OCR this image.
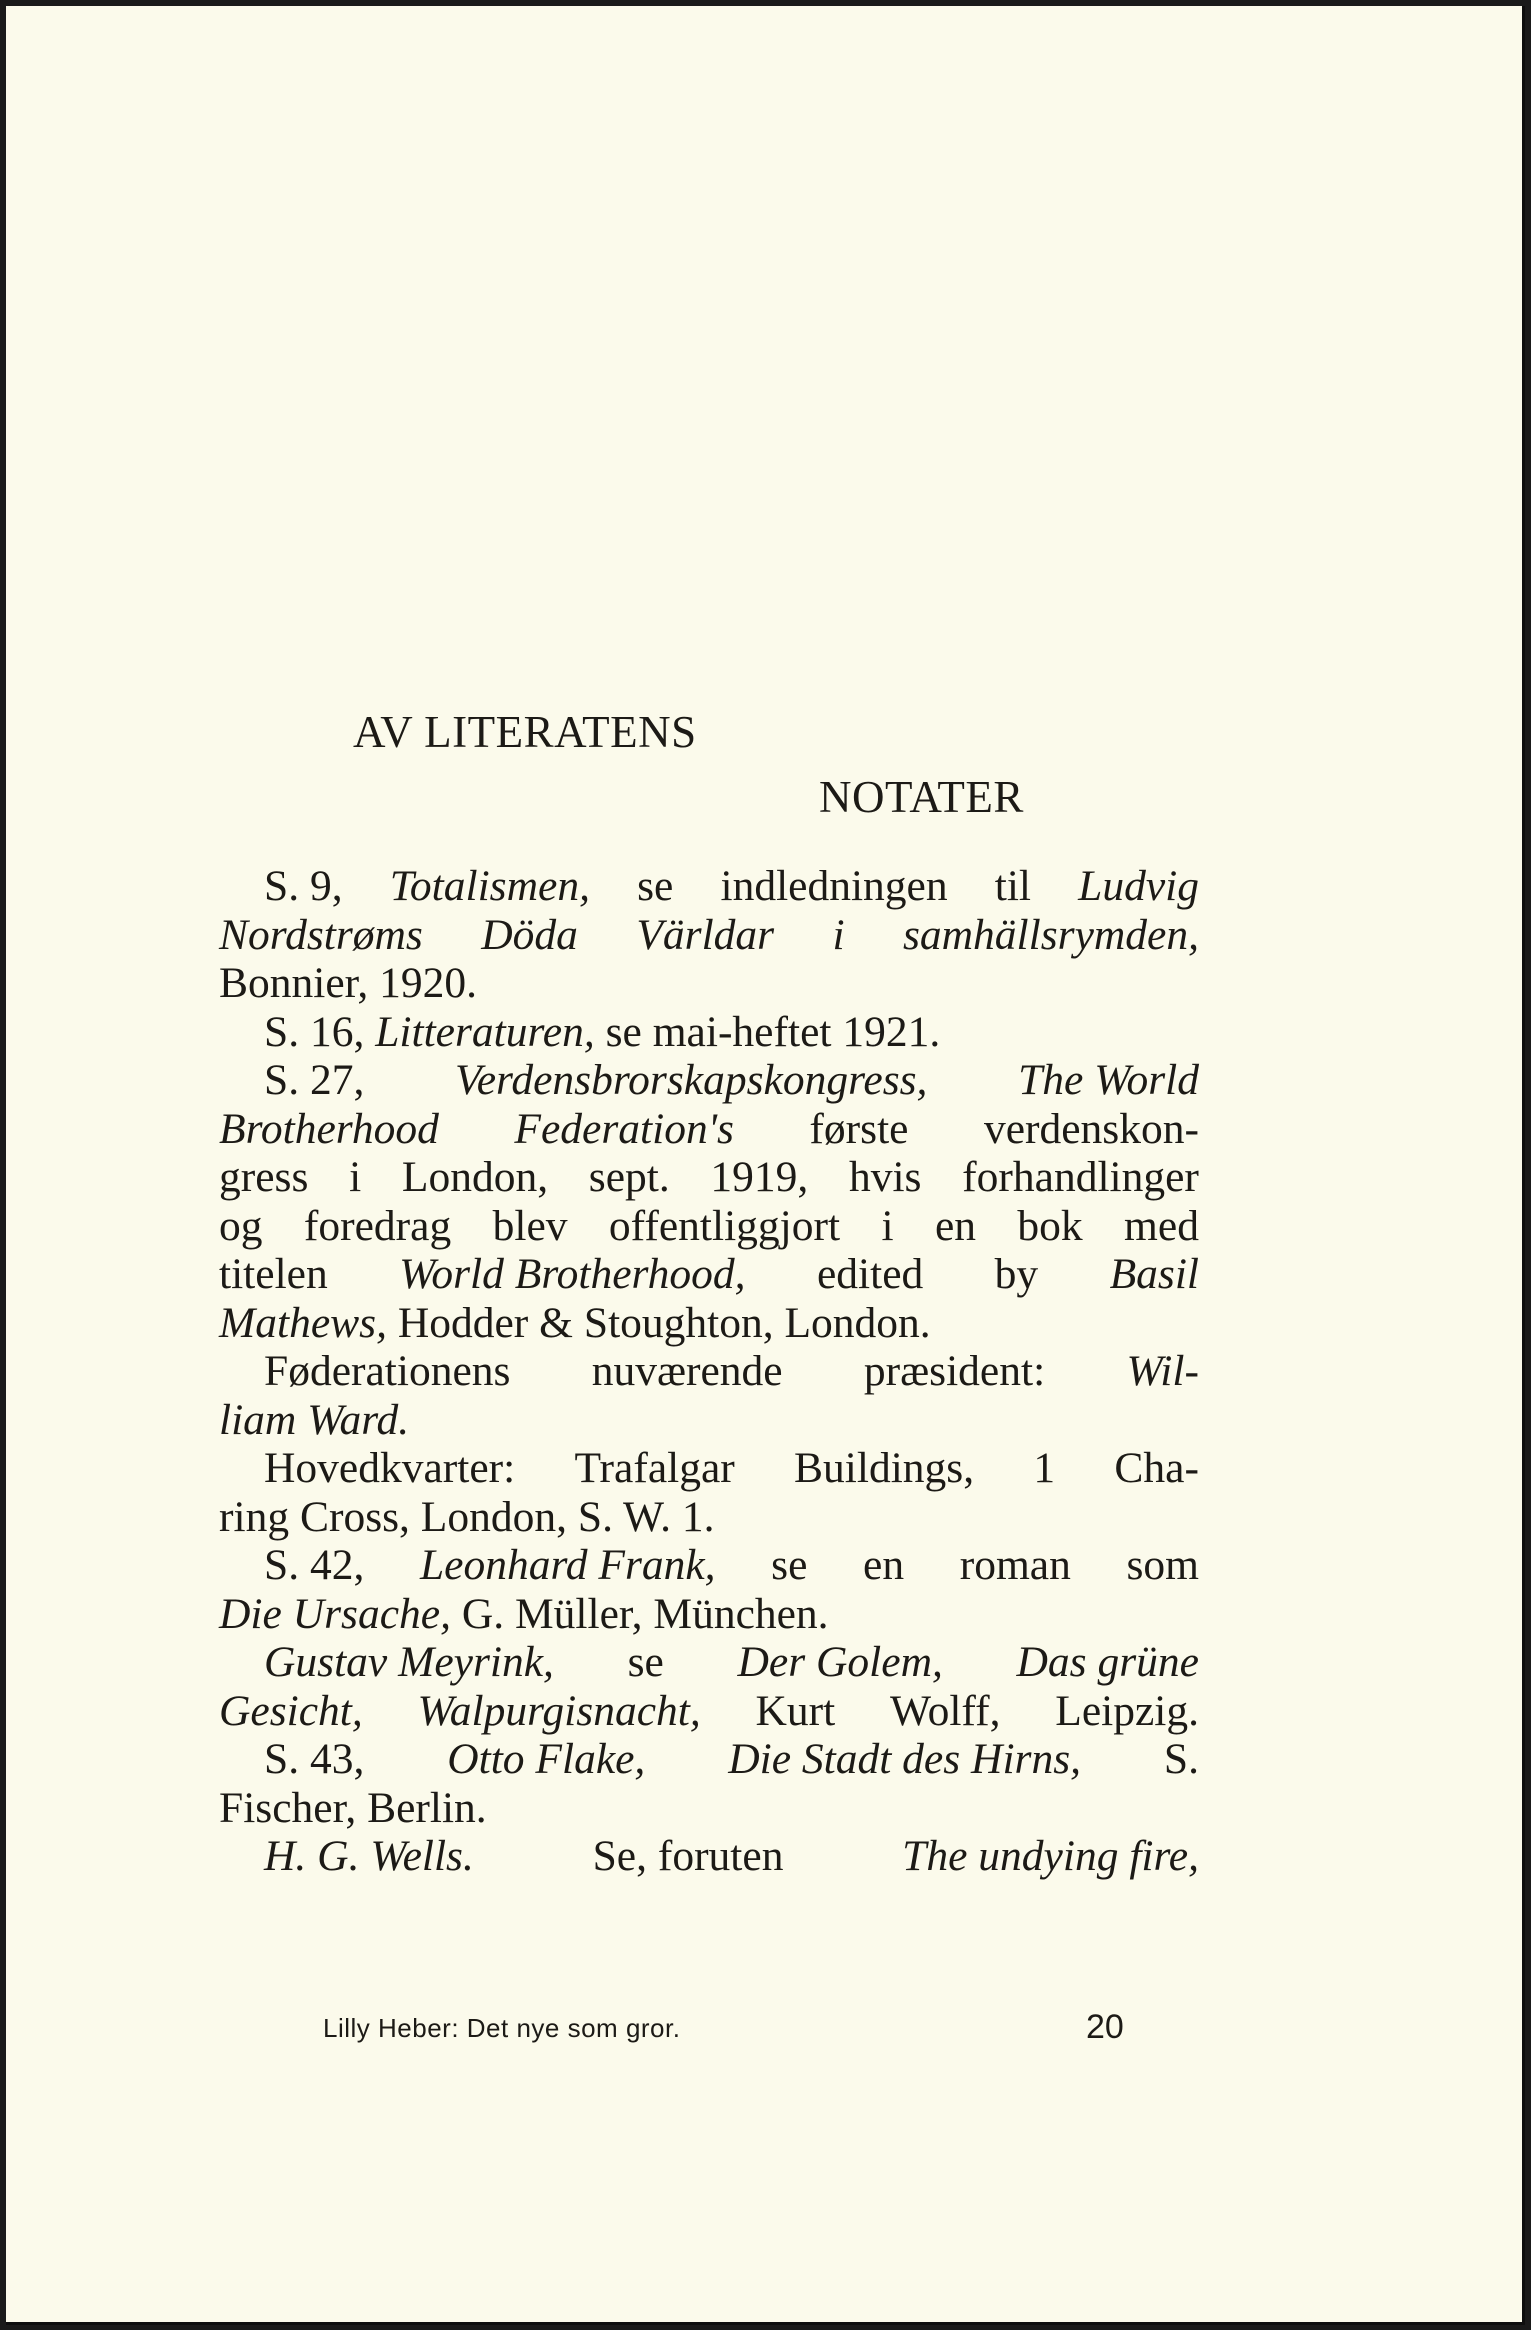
AV LITERATENS
NOTATER
S. 9, Totalismen, se indledningen til Ludvig
Nordstrøms Döda Världar i samhällsrymden,
Bonnier, 1920.
S. 16, Litteraturen, se mai-heftet 1921.
S. 27, Verdensbrorskapskongress, The World
Brotherhood Federation's første verdenskon-
gress i London, sept. 1919, hvis forhandlinger
og foredrag blev offentliggjort i en bok med
titelen World Brotherhood, edited by Basil
Mathews, Hodder & Stoughton, London.
Føderationens nuværende præsident: Wil-
liam Ward.
Hovedkvarter: Trafalgar Buildings, 1 Cha-
ring Cross, London, S. W. 1.
S. 42, Leonhard Frank, se en roman som
Die Ursache, G. Müller, München.
Gustav Meyrink, se Der Golem, Das grüne
Gesicht, Walpurgisnacht, Kurt Wolff, Leipzig.
S. 43, Otto Flake, Die Stadt des Hirns, S.
Fischer, Berlin.
H. G. Wells.	Se, foruten	The undying fire,
Lilly Heber: Det nye som gror.	20
